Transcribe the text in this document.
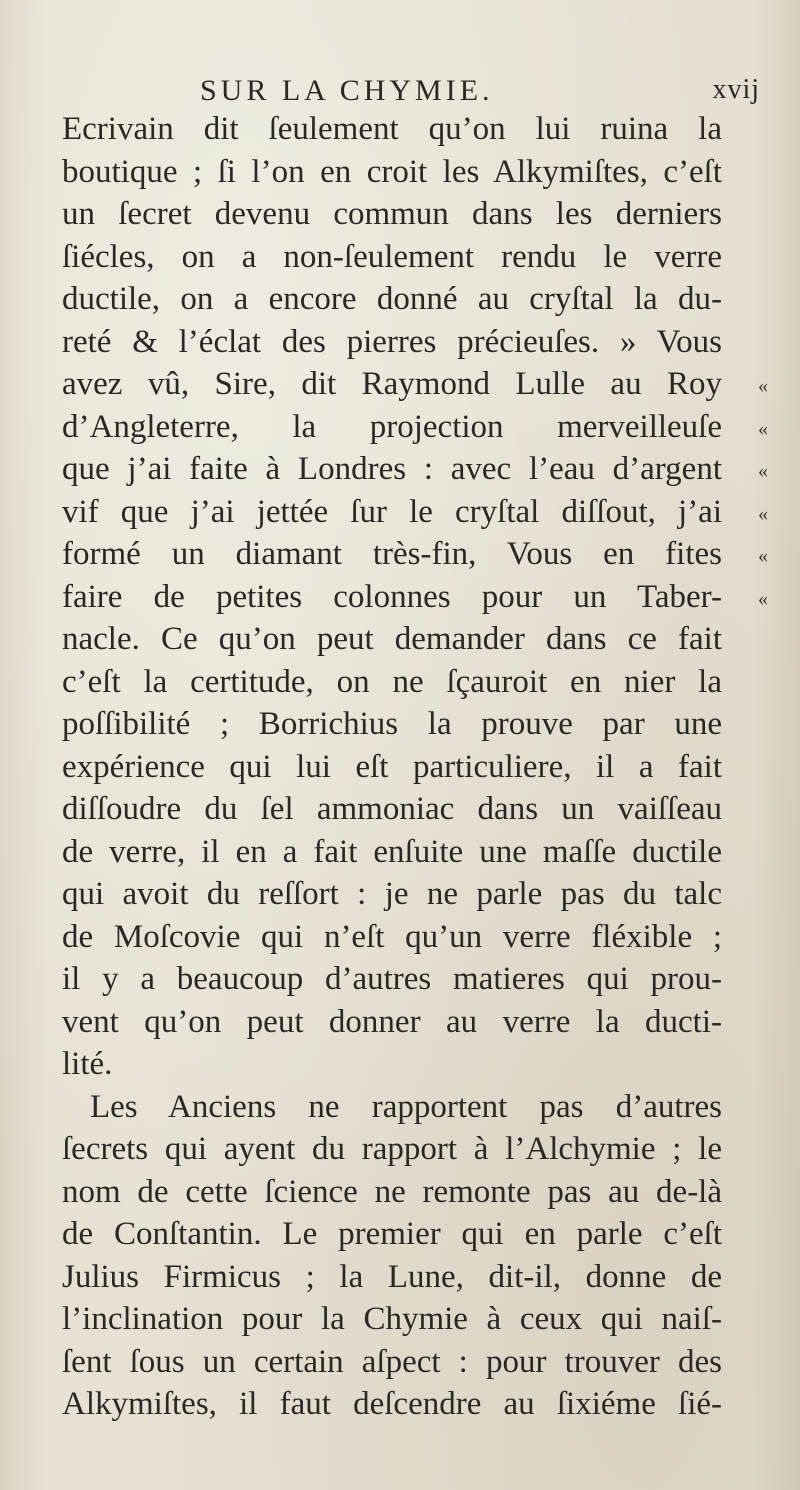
SUR LA CHYMIE.	xvij
Ecrivain dit ſeulement qu’on lui ruina la
boutique ; ſi l’on en croit les Alkymiſtes, c’eſt
un ſecret devenu commun dans les derniers
ſiécles, on a non-ſeulement rendu le verre
ductile, on a encore donné au cryſtal la du-
reté & l’éclat des pierres précieuſes. » Vous
avez vû, Sire, dit Raymond Lulle au Roy
d’Angleterre, la projection merveilleuſe
que j’ai faite à Londres : avec l’eau d’argent
vif que j’ai jettée ſur le cryſtal diſſout, j’ai
formé un diamant très-fin, Vous en fites
faire de petites colonnes pour un Taber-
nacle. Ce qu’on peut demander dans ce fait
c’eſt la certitude, on ne ſçauroit en nier la
poſſibilité ; Borrichius la prouve par une
expérience qui lui eſt particuliere, il a fait
diſſoudre du ſel ammoniac dans un vaiſſeau
de verre, il en a fait enſuite une maſſe ductile
qui avoit du reſſort : je ne parle pas du talc
de Moſcovie qui n’eſt qu’un verre fléxible ;
il y a beaucoup d’autres matieres qui prou-
vent qu’on peut donner au verre la ducti-
lité.
Les Anciens ne rapportent pas d’autres
ſecrets qui ayent du rapport à l’Alchymie ; le
nom de cette ſcience ne remonte pas au de-là
de Conſtantin. Le premier qui en parle c’eſt
Julius Firmicus ; la Lune, dit-il, donne de
l’inclination pour la Chymie à ceux qui naiſ-
ſent ſous un certain aſpect : pour trouver des
Alkymiſtes, il faut deſcendre au ſixiéme ſié-
«
«
«
«
«
«
